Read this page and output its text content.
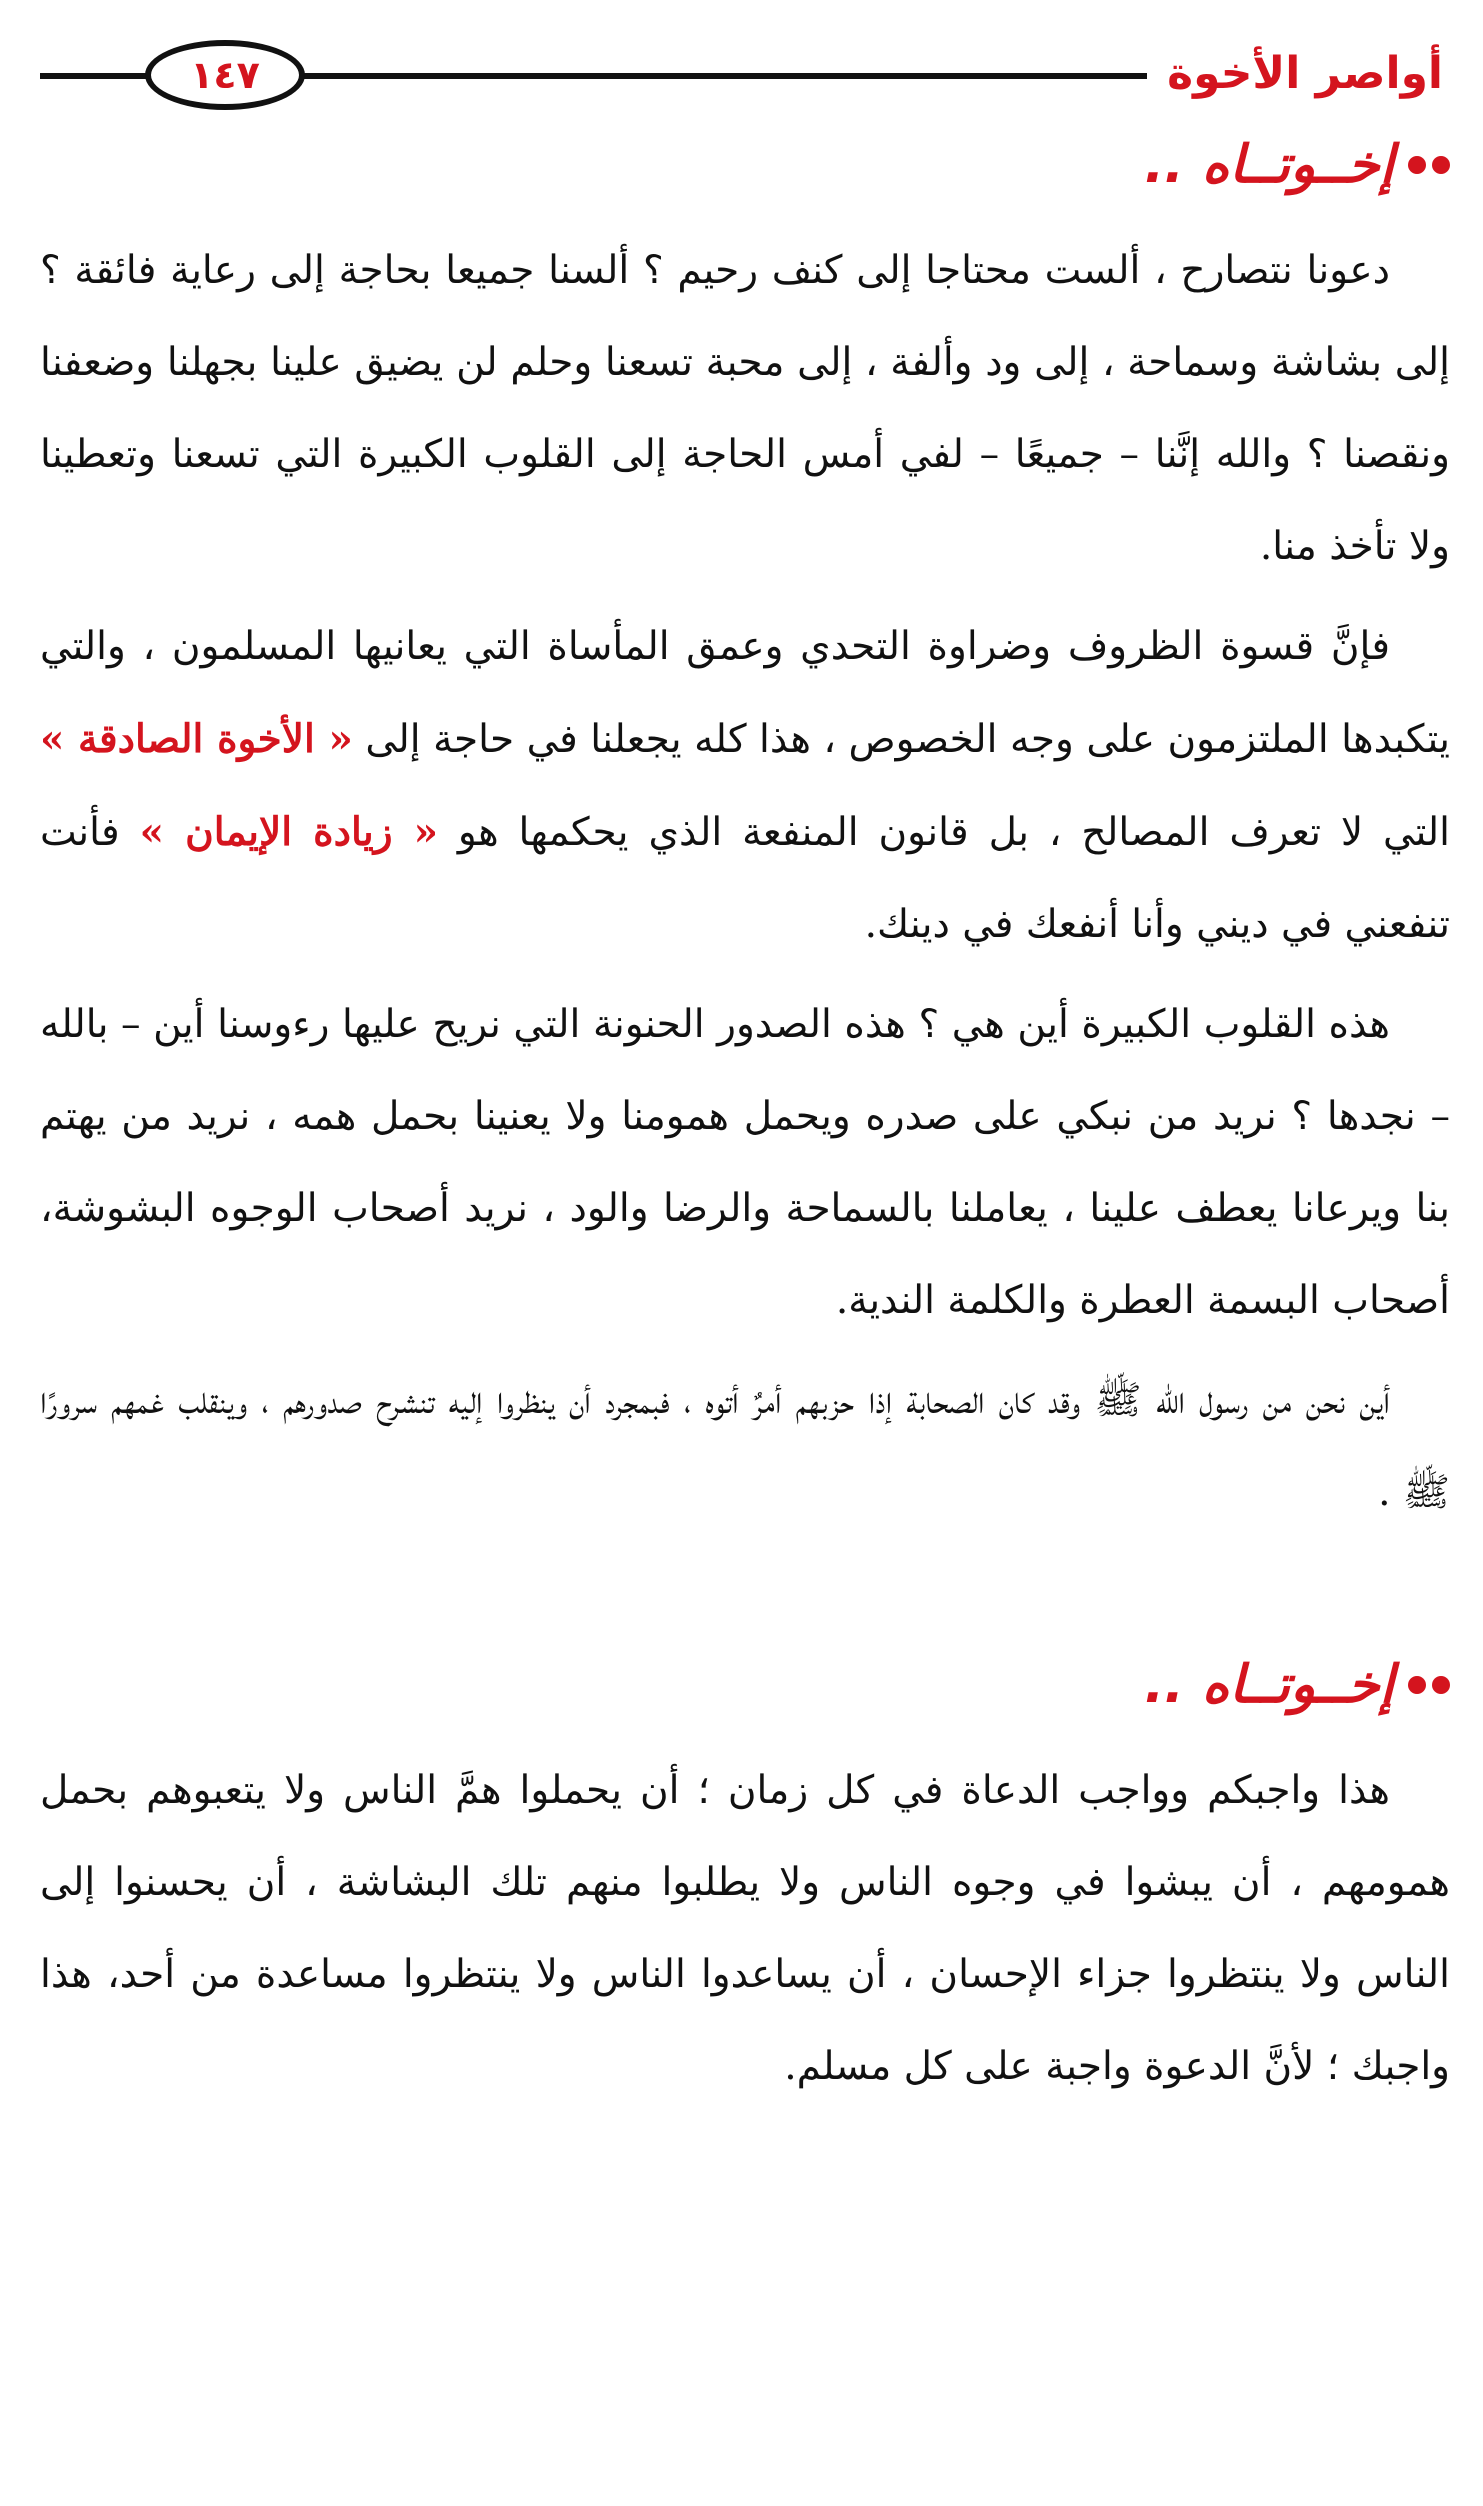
١٤٧	أواصر الأخوة
إخــوتــاه ..

دعونا نتصارح ، ألست محتاجا إلى كنف رحيم ؟ ألسنا جميعا بحاجة إلى رعاية فائقة ؟ إلى بشاشة وسماحة ، إلى ود وألفة ، إلى محبة تسعنا وحلم لن يضيق علينا بجهلنا وضعفنا ونقصنا ؟ والله إنَّنا – جميعًا – لفي أمس الحاجة إلى القلوب الكبيرة التي تسعنا وتعطينا ولا تأخذ منا.

فإنَّ قسوة الظروف وضراوة التحدي وعمق المأساة التي يعانيها المسلمون ، والتي يتكبدها الملتزمون على وجه الخصوص ، هذا كله يجعلنا في حاجة إلى « الأخوة الصادقة » التي لا تعرف المصالح ، بل قانون المنفعة الذي يحكمها هو « زيادة الإيمان » فأنت تنفعني في ديني وأنا أنفعك في دينك.

هذه القلوب الكبيرة أين هي ؟ هذه الصدور الحنونة التي نريح عليها رءوسنا أين – بالله – نجدها ؟ نريد من نبكي على صدره ويحمل همومنا ولا يعنينا بحمل همه ، نريد من يهتم بنا ويرعانا يعطف علينا ، يعاملنا بالسماحة والرضا والود ، نريد أصحاب الوجوه البشوشة، أصحاب البسمة العطرة والكلمة الندية.

أين نحن من رسول الله ﷺ وقد كان الصحابة إذا حزبهم أمرٌ أتوه ، فبمجرد أن ينظروا إليه تنشرح صدورهم ، وينقلب غمهم سرورًا ﷺ .

إخــوتــاه ..

هذا واجبكم وواجب الدعاة في كل زمان ؛ أن يحملوا همَّ الناس ولا يتعبوهم بحمل همومهم ، أن يبشوا في وجوه الناس ولا يطلبوا منهم تلك البشاشة ، أن يحسنوا إلى الناس ولا ينتظروا جزاء الإحسان ، أن يساعدوا الناس ولا ينتظروا مساعدة من أحد، هذا واجبك ؛ لأنَّ الدعوة واجبة على كل مسلم.
